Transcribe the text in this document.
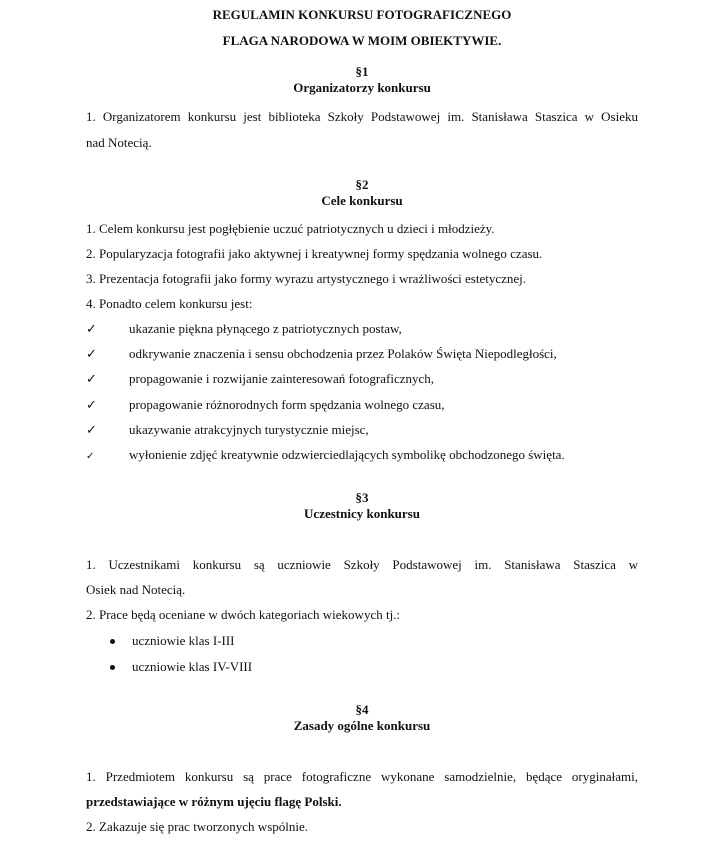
REGULAMIN KONKURSU FOTOGRAFICZNEGO
FLAGA NARODOWA W MOIM OBIEKTYWIE.
§1
Organizatorzy konkursu
1. Organizatorem konkursu jest biblioteka Szkoły Podstawowej im. Stanisława Staszica w Osieku
nad Notecią.
§2
Cele konkursu
1. Celem konkursu jest pogłębienie uczuć patriotycznych u dzieci i młodzieży.
2. Popularyzacja fotografii jako aktywnej i kreatywnej formy spędzania wolnego czasu.
3. Prezentacja fotografii jako formy wyrazu artystycznego i wrażliwości estetycznej.
4. Ponadto celem konkursu jest:
✓	ukazanie piękna płynącego z patriotycznych postaw,
✓	odkrywanie znaczenia i sensu obchodzenia przez Polaków Święta Niepodległości,
✓	propagowanie i rozwijanie zainteresowań fotograficznych,
✓	propagowanie różnorodnych form spędzania wolnego czasu,
✓	ukazywanie atrakcyjnych turystycznie miejsc,
✓	wyłonienie zdjęć kreatywnie odzwierciedlających symbolikę obchodzonego święta.
§3
Uczestnicy konkursu
1. Uczestnikami konkursu są uczniowie Szkoły Podstawowej im. Stanisława Staszica w
Osiek nad Notecią.
2. Prace będą oceniane w dwóch kategoriach wiekowych tj.:
uczniowie klas I-III
uczniowie klas IV-VIII
§4
Zasady ogólne konkursu
1. Przedmiotem konkursu są prace fotograficzne wykonane samodzielnie, będące oryginałami,
przedstawiające w różnym ujęciu flagę Polski.
2. Zakazuje się prac tworzonych wspólnie.
